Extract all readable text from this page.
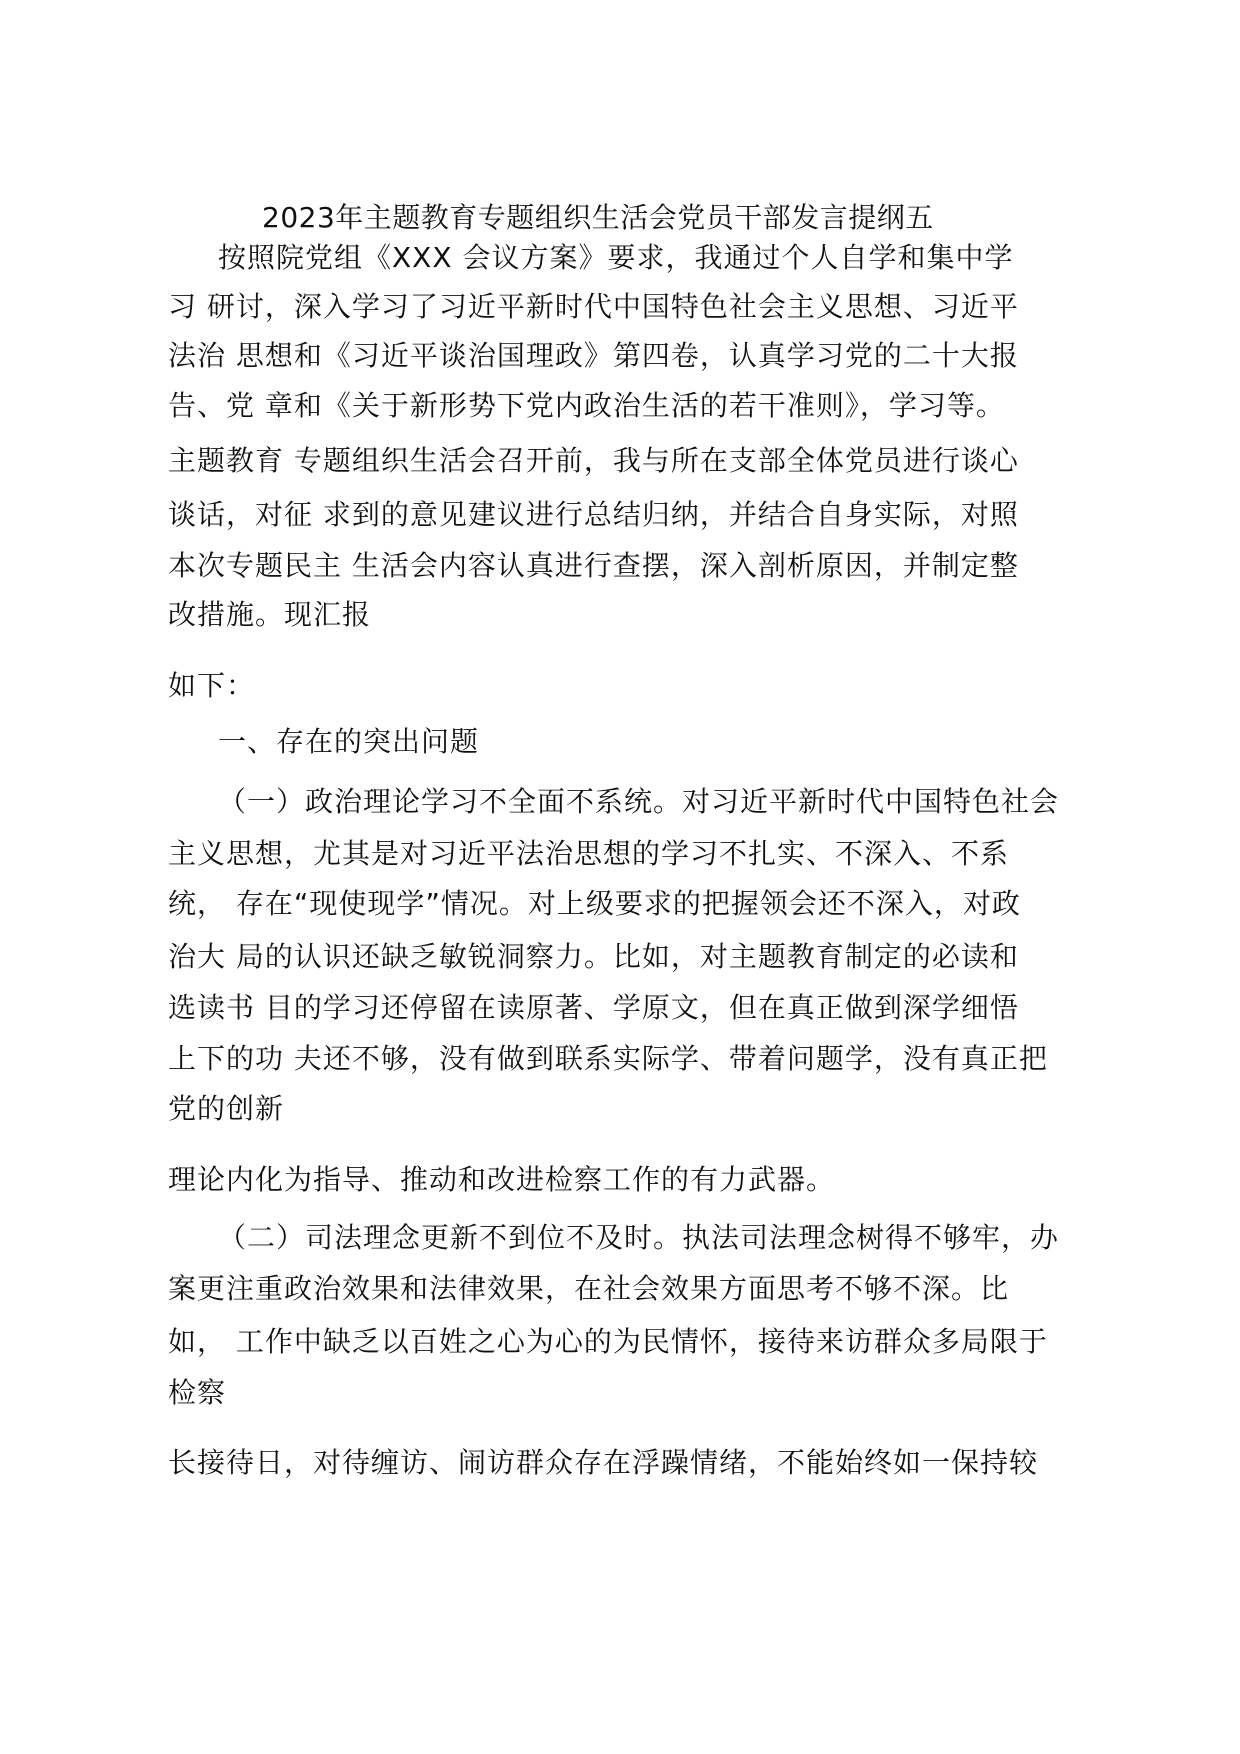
2023年主题教育专题组织生活会党员干部发言提纲五
按照院党组《XXX 会议方案》要求，我通过个人自学和集中学
习 研讨，深入学习了习近平新时代中国特色社会主义思想、习近平
法治 思想和《习近平谈治国理政》第四卷，认真学习党的二十大报
告、党 章和《关于新形势下党内政治生活的若干准则》，学习等。
主题教育 专题组织生活会召开前，我与所在支部全体党员进行谈心
谈话，对征 求到的意见建议进行总结归纳，并结合自身实际，对照
本次专题民主 生活会内容认真进行查摆，深入剖析原因，并制定整
改措施。现汇报
如下：
一、存在的突出问题
（一）政治理论学习不全面不系统。对习近平新时代中国特色社会
主义思想，尤其是对习近平法治思想的学习不扎实、不深入、不系
统， 存在“现使现学”情况。对上级要求的把握领会还不深入，对政
治大 局的认识还缺乏敏锐洞察力。比如，对主题教育制定的必读和
选读书 目的学习还停留在读原著、学原文，但在真正做到深学细悟
上下的功 夫还不够，没有做到联系实际学、带着问题学，没有真正把
党的创新
理论内化为指导、推动和改进检察工作的有力武器。
（二）司法理念更新不到位不及时。执法司法理念树得不够牢，办
案更注重政治效果和法律效果，在社会效果方面思考不够不深。比
如， 工作中缺乏以百姓之心为心的为民情怀，接待来访群众多局限于
检察
长接待日，对待缠访、闹访群众存在浮躁情绪，不能始终如一保持较
